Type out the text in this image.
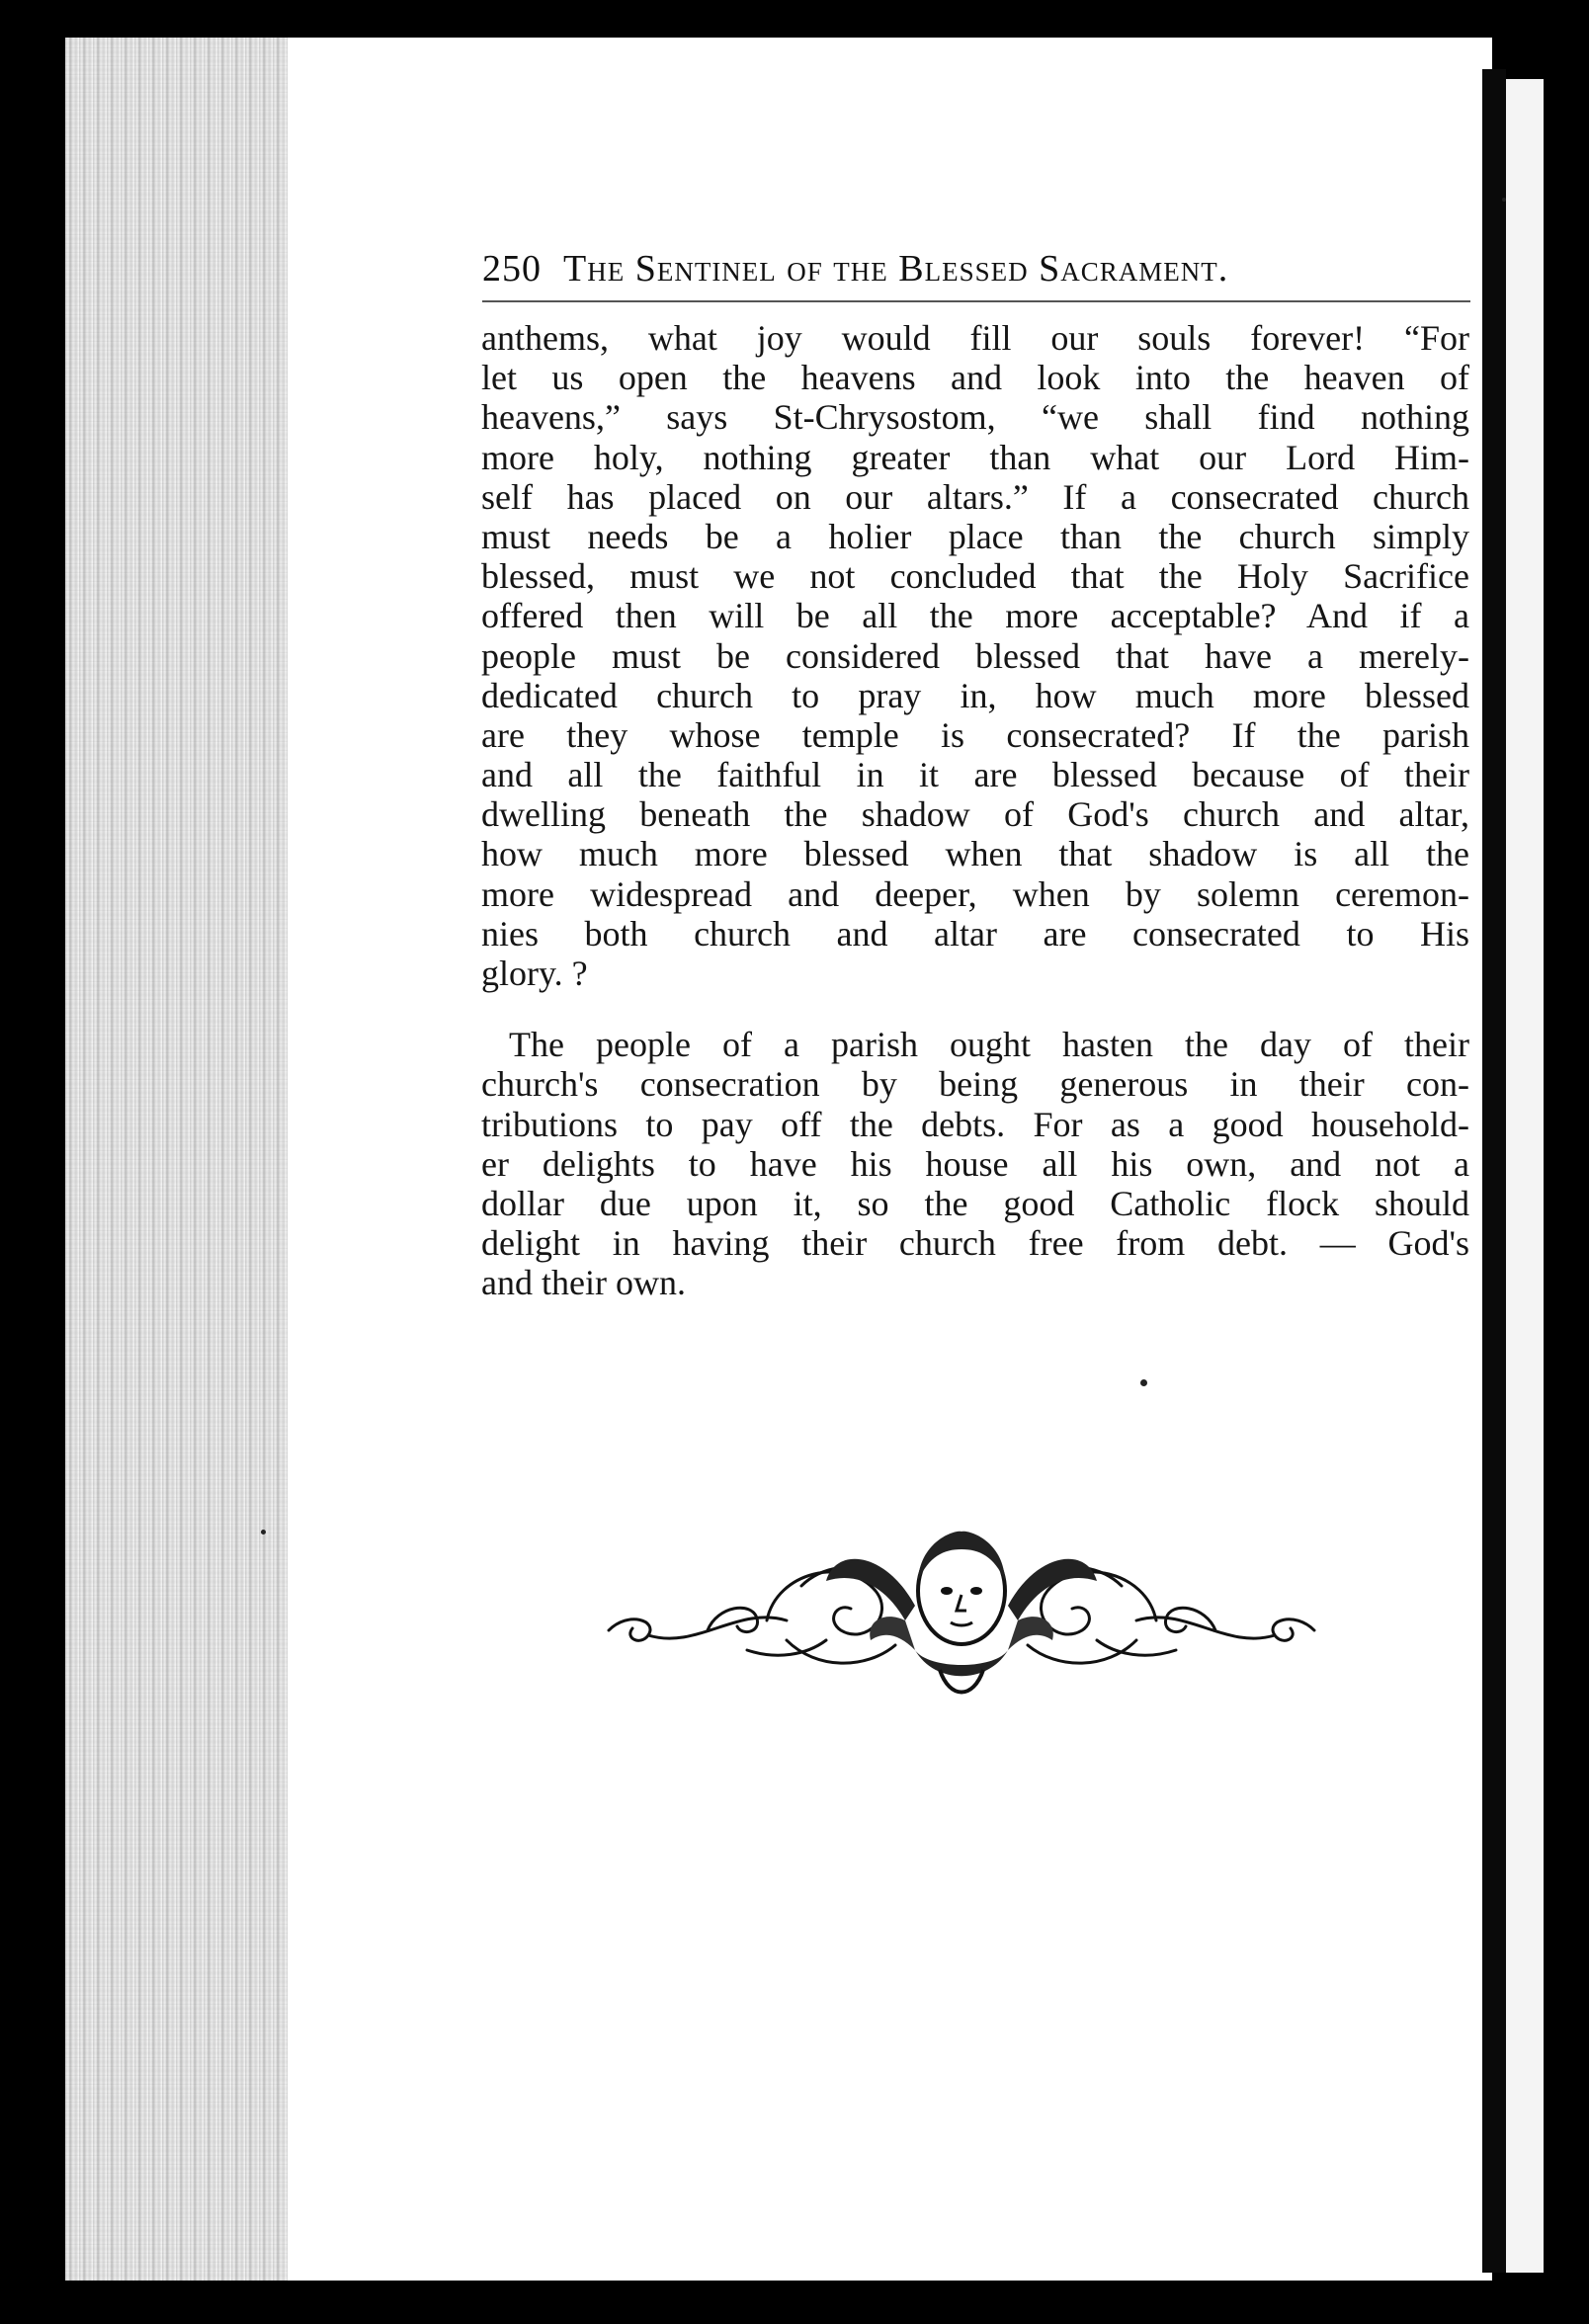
250 The Sentinel of the Blessed Sacrament.
anthems, what joy would fill our souls forever! “For
let us open the heavens and look into the heaven of
heavens,” says St-Chrysostom, “we shall find nothing
more holy, nothing greater than what our Lord Him-
self has placed on our altars.” If a consecrated church
must needs be a holier place than the church simply
blessed, must we not concluded that the Holy Sacrifice
offered then will be all the more acceptable? And if a
people must be considered blessed that have a merely-
dedicated church to pray in, how much more blessed
are they whose temple is consecrated? If the parish
and all the faithful in it are blessed because of their
dwelling beneath the shadow of God's church and altar,
how much more blessed when that shadow is all the
more widespread and deeper, when by solemn ceremon-
nies both church and altar are consecrated to His
glory. ?
The people of a parish ought hasten the day of their
church's consecration by being generous in their con-
tributions to pay off the debts. For as a good household-
er delights to have his house all his own, and not a
dollar due upon it, so the good Catholic flock should
delight in having their church free from debt. — God's
and their own.
